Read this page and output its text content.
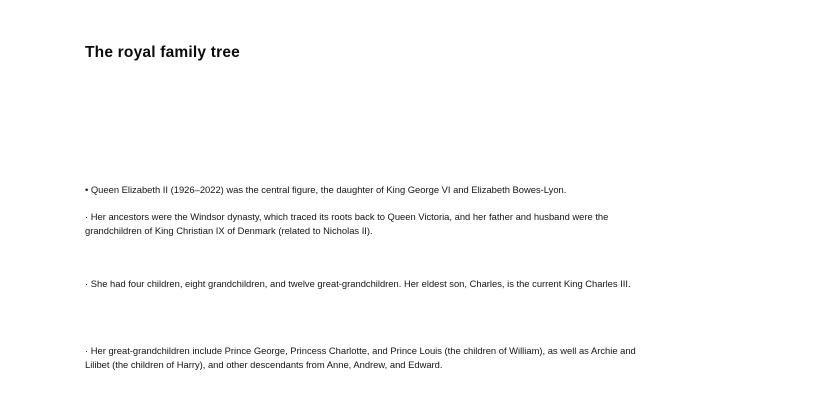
The royal family tree

• Queen Elizabeth II (1926–2022) was the central figure, the daughter of King George VI and Elizabeth Bowes-Lyon.

· Her ancestors were the Windsor dynasty, which traced its roots back to Queen Victoria, and her father and husband were the grandchildren of King Christian IX of Denmark (related to Nicholas II).

· She had four children, eight grandchildren, and twelve great-grandchildren. Her eldest son, Charles, is the current King Charles III.

· Her great-grandchildren include Prince George, Princess Charlotte, and Prince Louis (the children of William), as well as Archie and Lilibet (the children of Harry), and other descendants from Anne, Andrew, and Edward.
